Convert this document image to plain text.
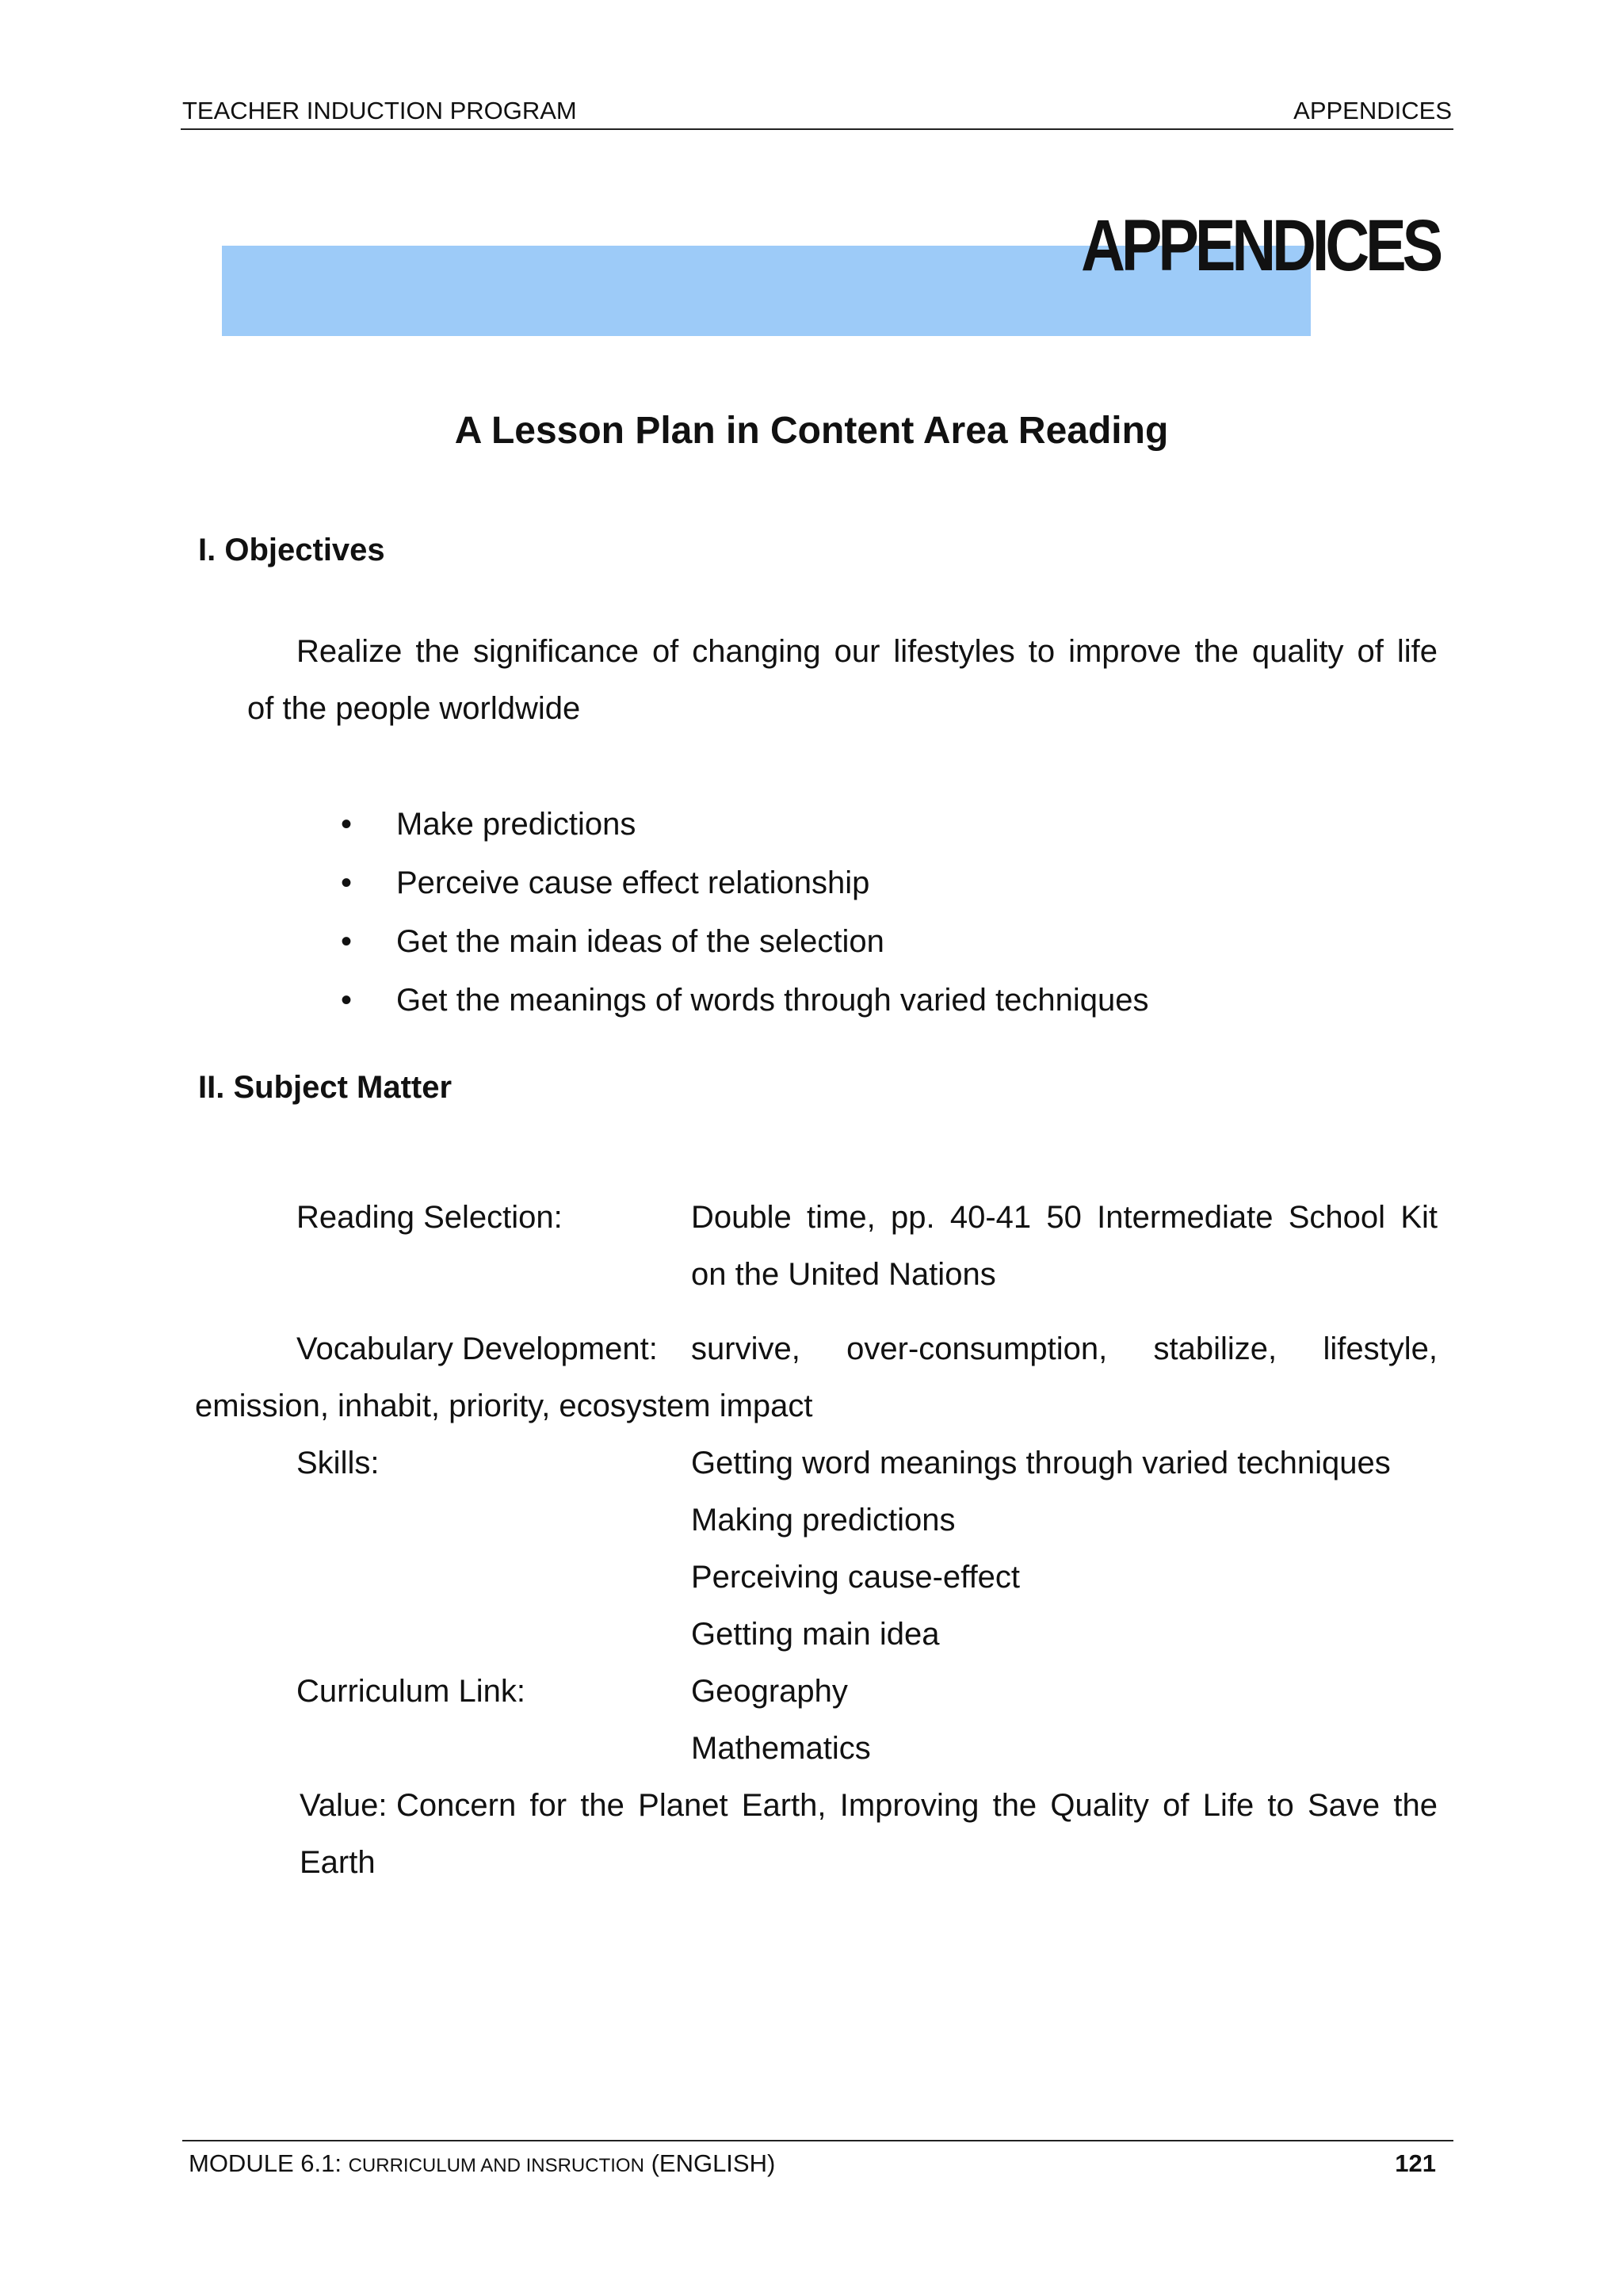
TEACHER INDUCTION PROGRAM	APPENDICES
APPENDICES
A Lesson Plan in Content Area Reading
I. Objectives
Realize the significance of changing our lifestyles to improve the quality of life
of the people worldwide
• Make predictions
• Perceive cause effect relationship
• Get the main ideas of the selection
• Get the meanings of words through varied techniques
II. Subject Matter
Reading Selection:	Double time, pp. 40-41 50 Intermediate School Kit
on the United Nations
Vocabulary Development: survive, over-consumption, stabilize, lifestyle,
emission, inhabit, priority, ecosystem impact
Skills:	Getting word meanings through varied techniques
Making predictions
Perceiving cause-effect
Getting main idea
Curriculum Link:	Geography
Mathematics
Value: Concern for the Planet Earth, Improving the Quality of Life to Save the
Earth
MODULE 6.1: CURRICULUM AND INSRUCTION (ENGLISH)	121
